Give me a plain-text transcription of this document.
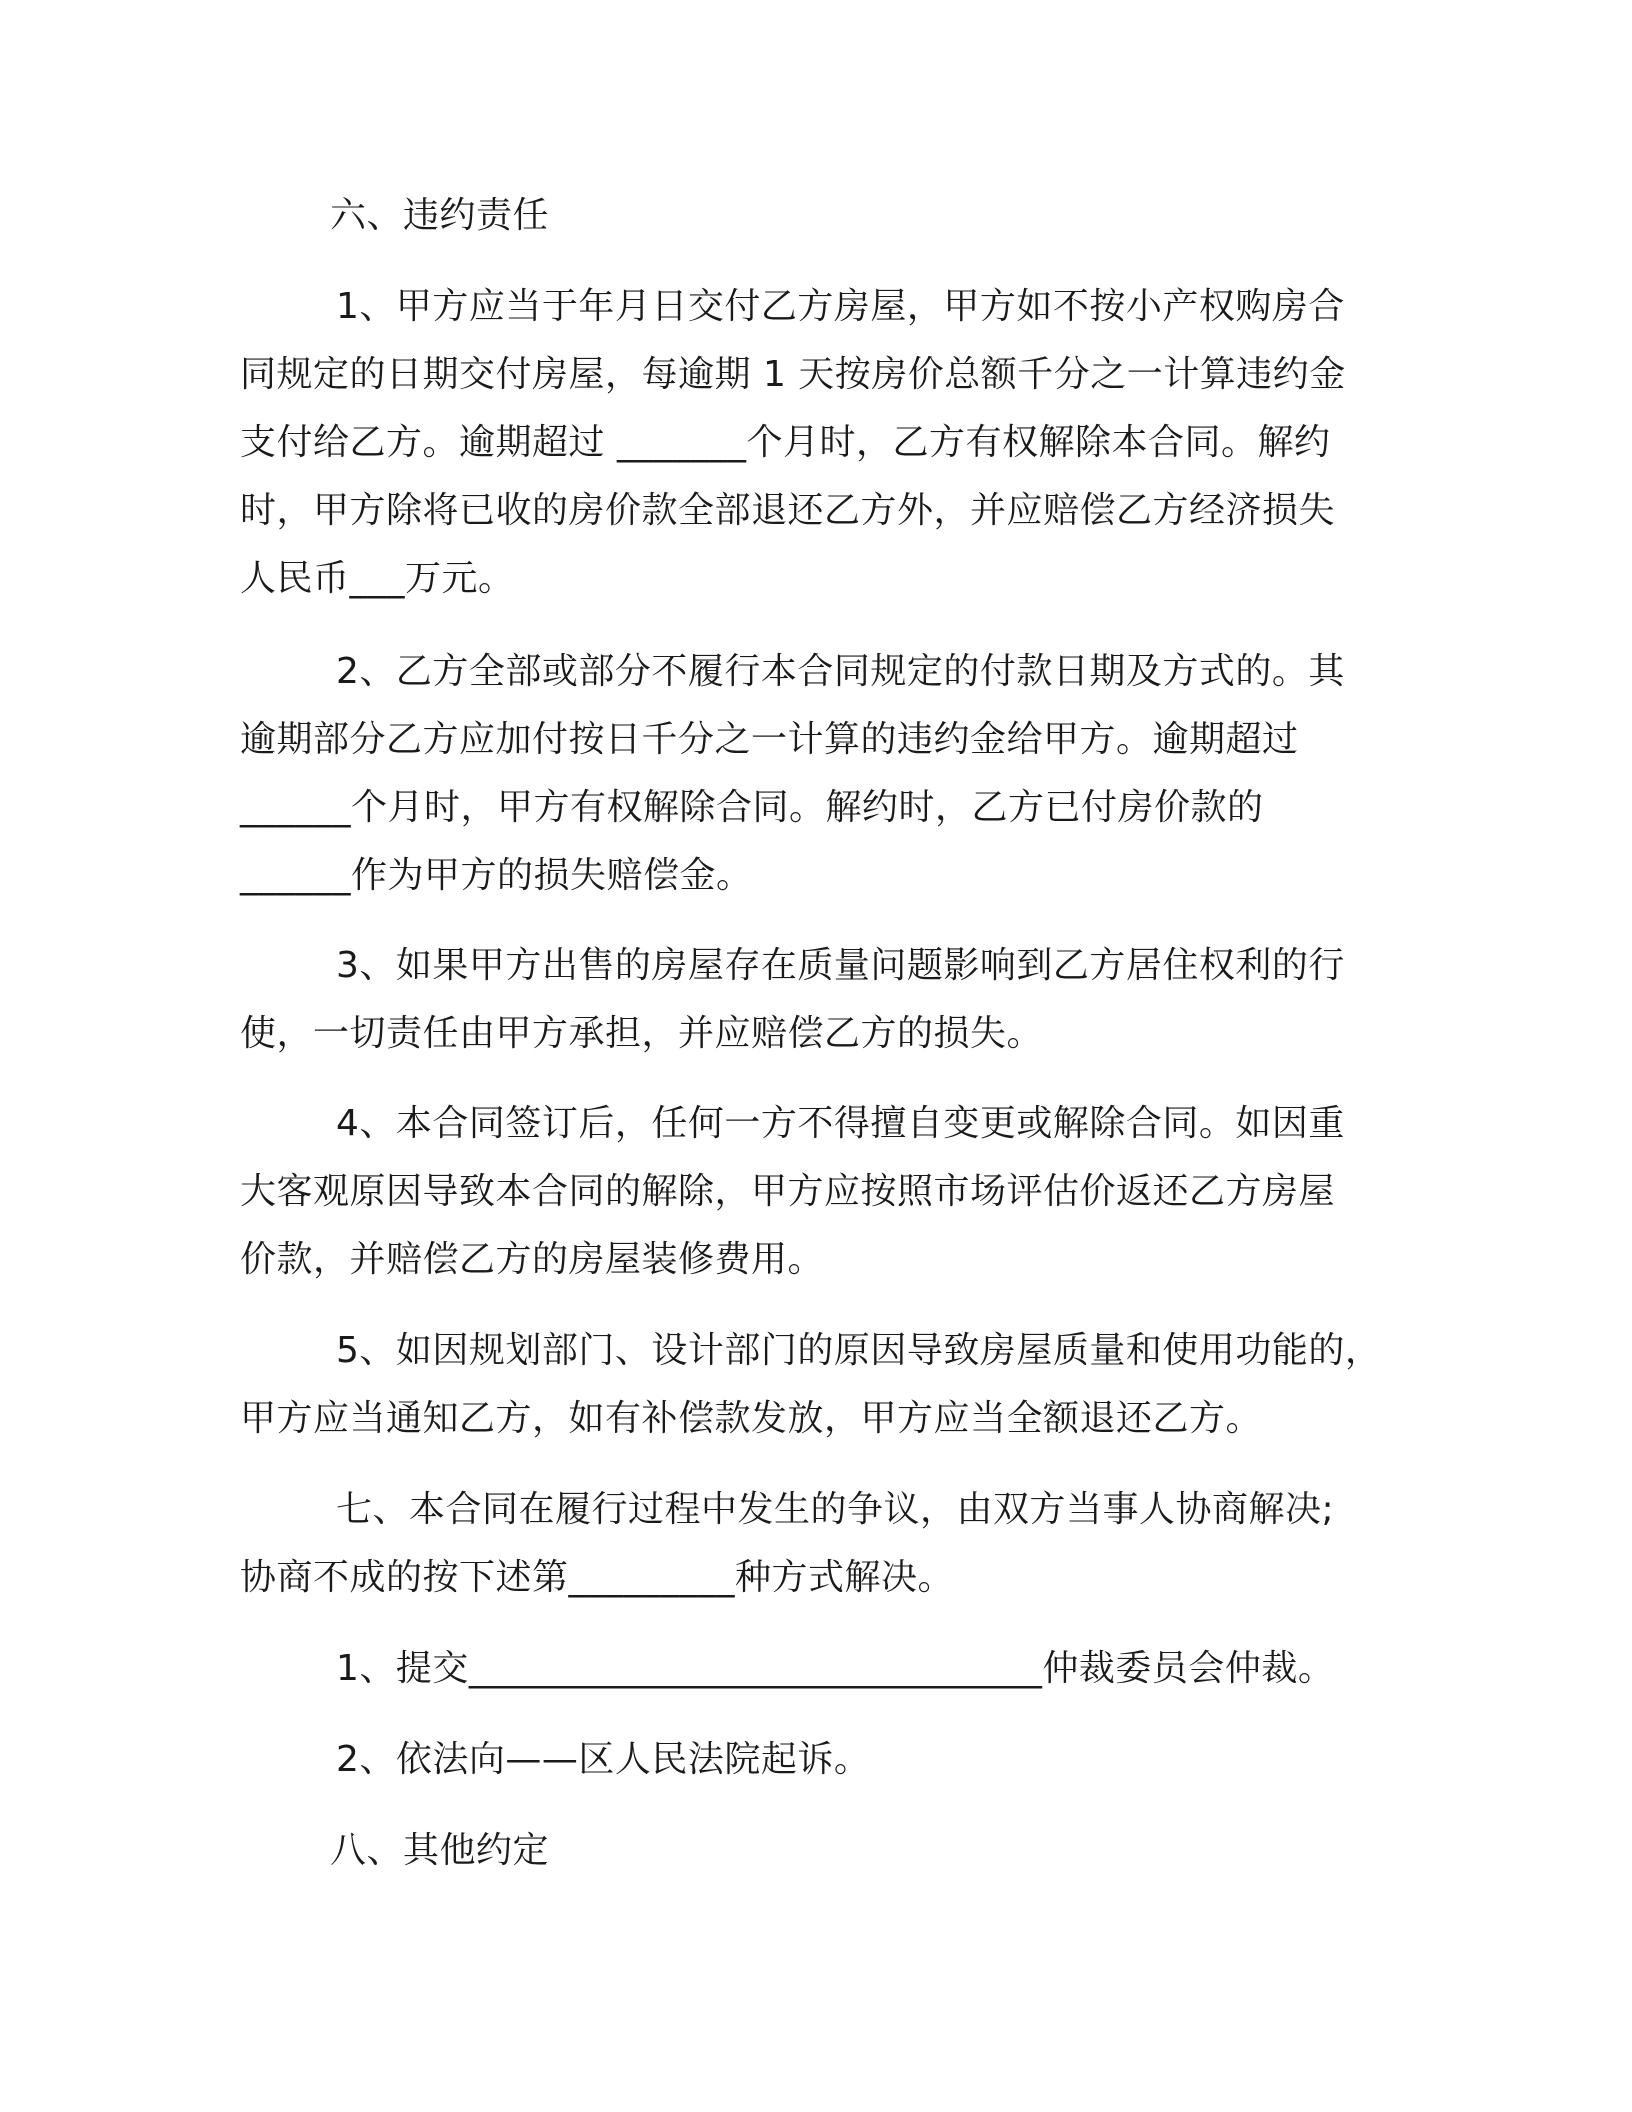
六、违约责任
1、甲方应当于年月日交付乙方房屋，甲方如不按小产权购房合
同规定的日期交付房屋，每逾期 1 天按房价总额千分之一计算违约金
支付给乙方。逾期超过 _______个月时，乙方有权解除本合同。解约
时，甲方除将已收的房价款全部退还乙方外，并应赔偿乙方经济损失
人民币___万元。
2、乙方全部或部分不履行本合同规定的付款日期及方式的。其
逾期部分乙方应加付按日千分之一计算的违约金给甲方。逾期超过
______个月时，甲方有权解除合同。解约时，乙方已付房价款的
______作为甲方的损失赔偿金。
3、如果甲方出售的房屋存在质量问题影响到乙方居住权利的行
使，一切责任由甲方承担，并应赔偿乙方的损失。
4、本合同签订后，任何一方不得擅自变更或解除合同。如因重
大客观原因导致本合同的解除，甲方应按照市场评估价返还乙方房屋
价款，并赔偿乙方的房屋装修费用。
5、如因规划部门、设计部门的原因导致房屋质量和使用功能的，
甲方应当通知乙方，如有补偿款发放，甲方应当全额退还乙方。
七、本合同在履行过程中发生的争议，由双方当事人协商解决;
协商不成的按下述第_________种方式解决。
1、提交_______________________________仲裁委员会仲裁。
2、依法向——区人民法院起诉。
八、其他约定
